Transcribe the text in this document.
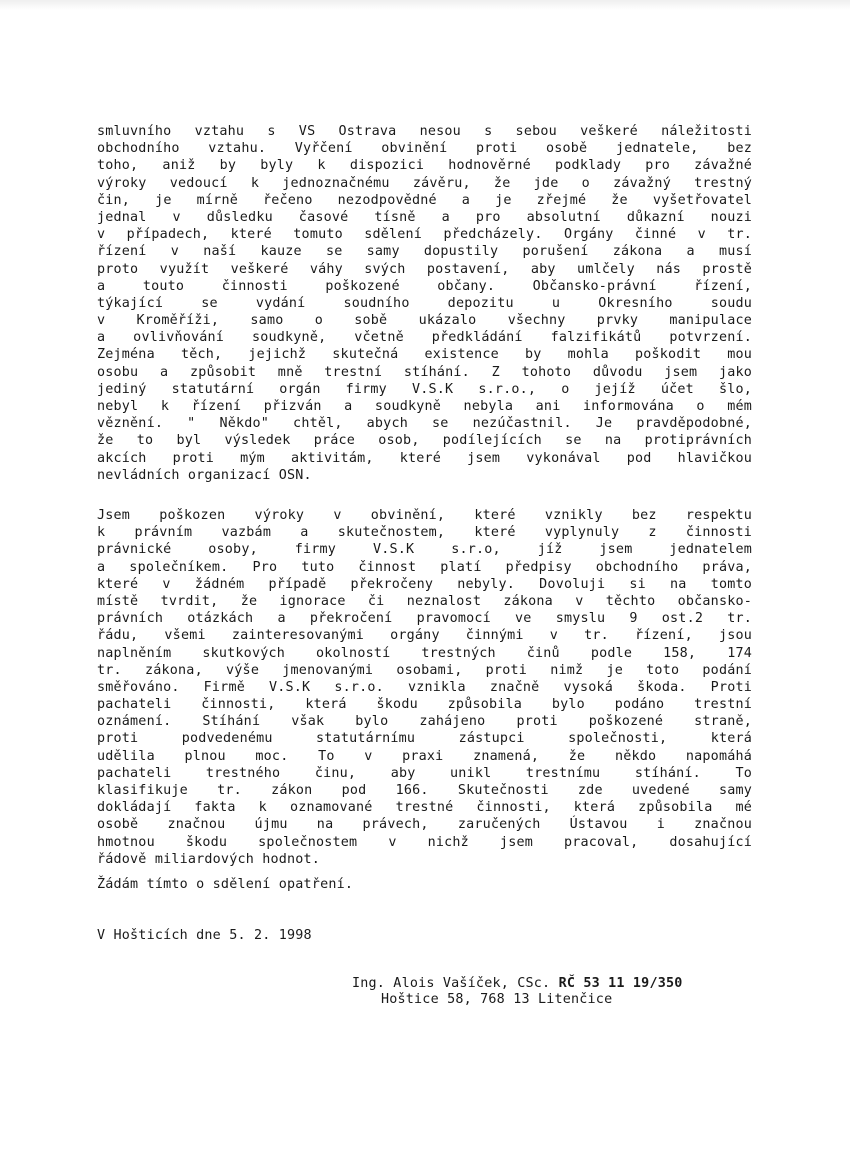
smluvního vztahu s VS Ostrava nesou s sebou veškeré náležitosti
obchodního vztahu. Vyřčení obvinění proti osobě jednatele, bez
toho, aniž by byly k dispozici hodnověrné podklady pro závažné
výroky vedoucí k jednoznačnému závěru, že jde o závažný trestný
čin, je mírně řečeno nezodpovědné a je zřejmé že vyšetřovatel
jednal v důsledku časové tísně a pro absolutní důkazní nouzi
v případech, které tomuto sdělení předcházely. Orgány činné v tr.
řízení v naší kauze se samy dopustily porušení zákona a musí
proto využít veškeré váhy svých postavení, aby umlčely nás prostě
a touto činnosti poškozené občany. Občansko-právní řízení,
týkající se vydání soudního depozitu u Okresního soudu
v Kroměříži, samo o sobě ukázalo všechny prvky manipulace
a ovlivňování soudkyně, včetně předkládání falzifikátů potvrzení.
Zejména těch, jejichž skutečná existence by mohla poškodit mou
osobu a způsobit mně trestní stíhání. Z tohoto důvodu jsem jako
jediný statutární orgán firmy V.S.K s.r.o., o jejíž účet šlo,
nebyl k řízení přizván a soudkyně nebyla ani informována o mém
věznění. " Někdo" chtěl, abych se nezúčastnil. Je pravděpodobné,
že to byl výsledek práce osob, podílejících se na protiprávních
akcích proti mým aktivitám, které jsem vykonával pod hlavičkou
nevládních organizací OSN.
Jsem poškozen výroky v obvinění, které vznikly bez respektu
k právním vazbám a skutečnostem, které vyplynuly z činnosti
právnické osoby, firmy V.S.K s.r.o, jíž jsem jednatelem
a společníkem. Pro tuto činnost platí předpisy obchodního práva,
které v žádném případě překročeny nebyly. Dovoluji si na tomto
místě tvrdit, že ignorace či neznalost zákona v těchto občansko-
právních otázkách a překročení pravomocí ve smyslu 9 ost.2 tr.
řádu, všemi zainteresovanými orgány činnými v tr. řízení, jsou
naplněním skutkových okolností trestných činů podle 158, 174
tr. zákona, výše jmenovanými osobami, proti nimž je toto podání
směřováno. Firmě V.S.K s.r.o. vznikla značně vysoká škoda. Proti
pachateli činnosti, která škodu způsobila bylo podáno trestní
oznámení. Stíhání však bylo zahájeno proti poškozené straně,
proti podvedenému statutárnímu zástupci společnosti, která
udělila plnou moc. To v praxi znamená, že někdo napomáhá
pachateli trestného činu, aby unikl trestnímu stíhání. To
klasifikuje tr. zákon pod 166. Skutečnosti zde uvedené samy
dokládají fakta k oznamované trestné činnosti, která způsobila mé
osobě značnou újmu na právech, zaručených Ústavou i značnou
hmotnou škodu společnostem v nichž jsem pracoval, dosahující
řádově miliardových hodnot.
Žádám tímto o sdělení opatření.
V Hošticích dne 5. 2. 1998
Ing. Alois Vašíček, CSc. RČ 53 11 19/350
Hoštice 58, 768 13 Litenčice
